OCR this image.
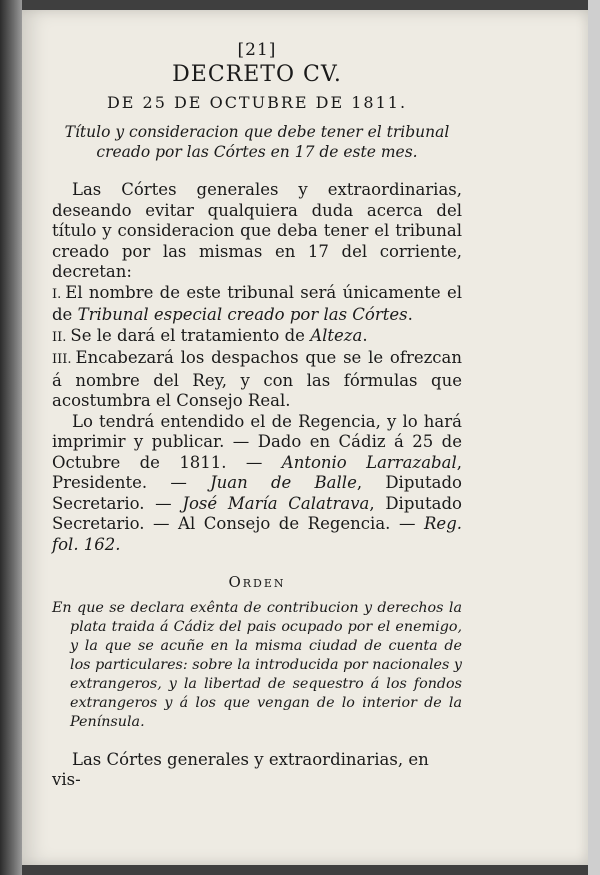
[21]
DECRETO CV.
DE 25 DE OCTUBRE DE 1811.
Título y consideracion que debe tener el tribunal creado por las Córtes en 17 de este mes.

Las Córtes generales y extraordinarias, deseando evitar qualquiera duda acerca del título y consideracion que deba tener el tribunal creado por las mismas en 17 del corriente, decretan:

I. El nombre de este tribunal será únicamente el de Tribunal especial creado por las Córtes.

II. Se le dará el tratamiento de Alteza.

III. Encabezará los despachos que se le ofrezcan á nombre del Rey, y con las fórmulas que acostumbra el Consejo Real.

Lo tendrá entendido el de Regencia, y lo hará imprimir y publicar. — Dado en Cádiz á 25 de Octubre de 1811. — Antonio Larrazabal, Presidente. — Juan de Balle, Diputado Secretario. — José María Calatrava, Diputado Secretario. — Al Consejo de Regencia. — Reg. fol. 162.

Orden

En que se declara exênta de contribucion y derechos la plata traida á Cádiz del pais ocupado por el enemigo, y la que se acuñe en la misma ciudad de cuenta de los particulares: sobre la introducida por nacionales y extrangeros, y la libertad de sequestro á los fondos extrangeros y á los que vengan de lo interior de la Península.

Las Córtes generales y extraordinarias, en vis-
